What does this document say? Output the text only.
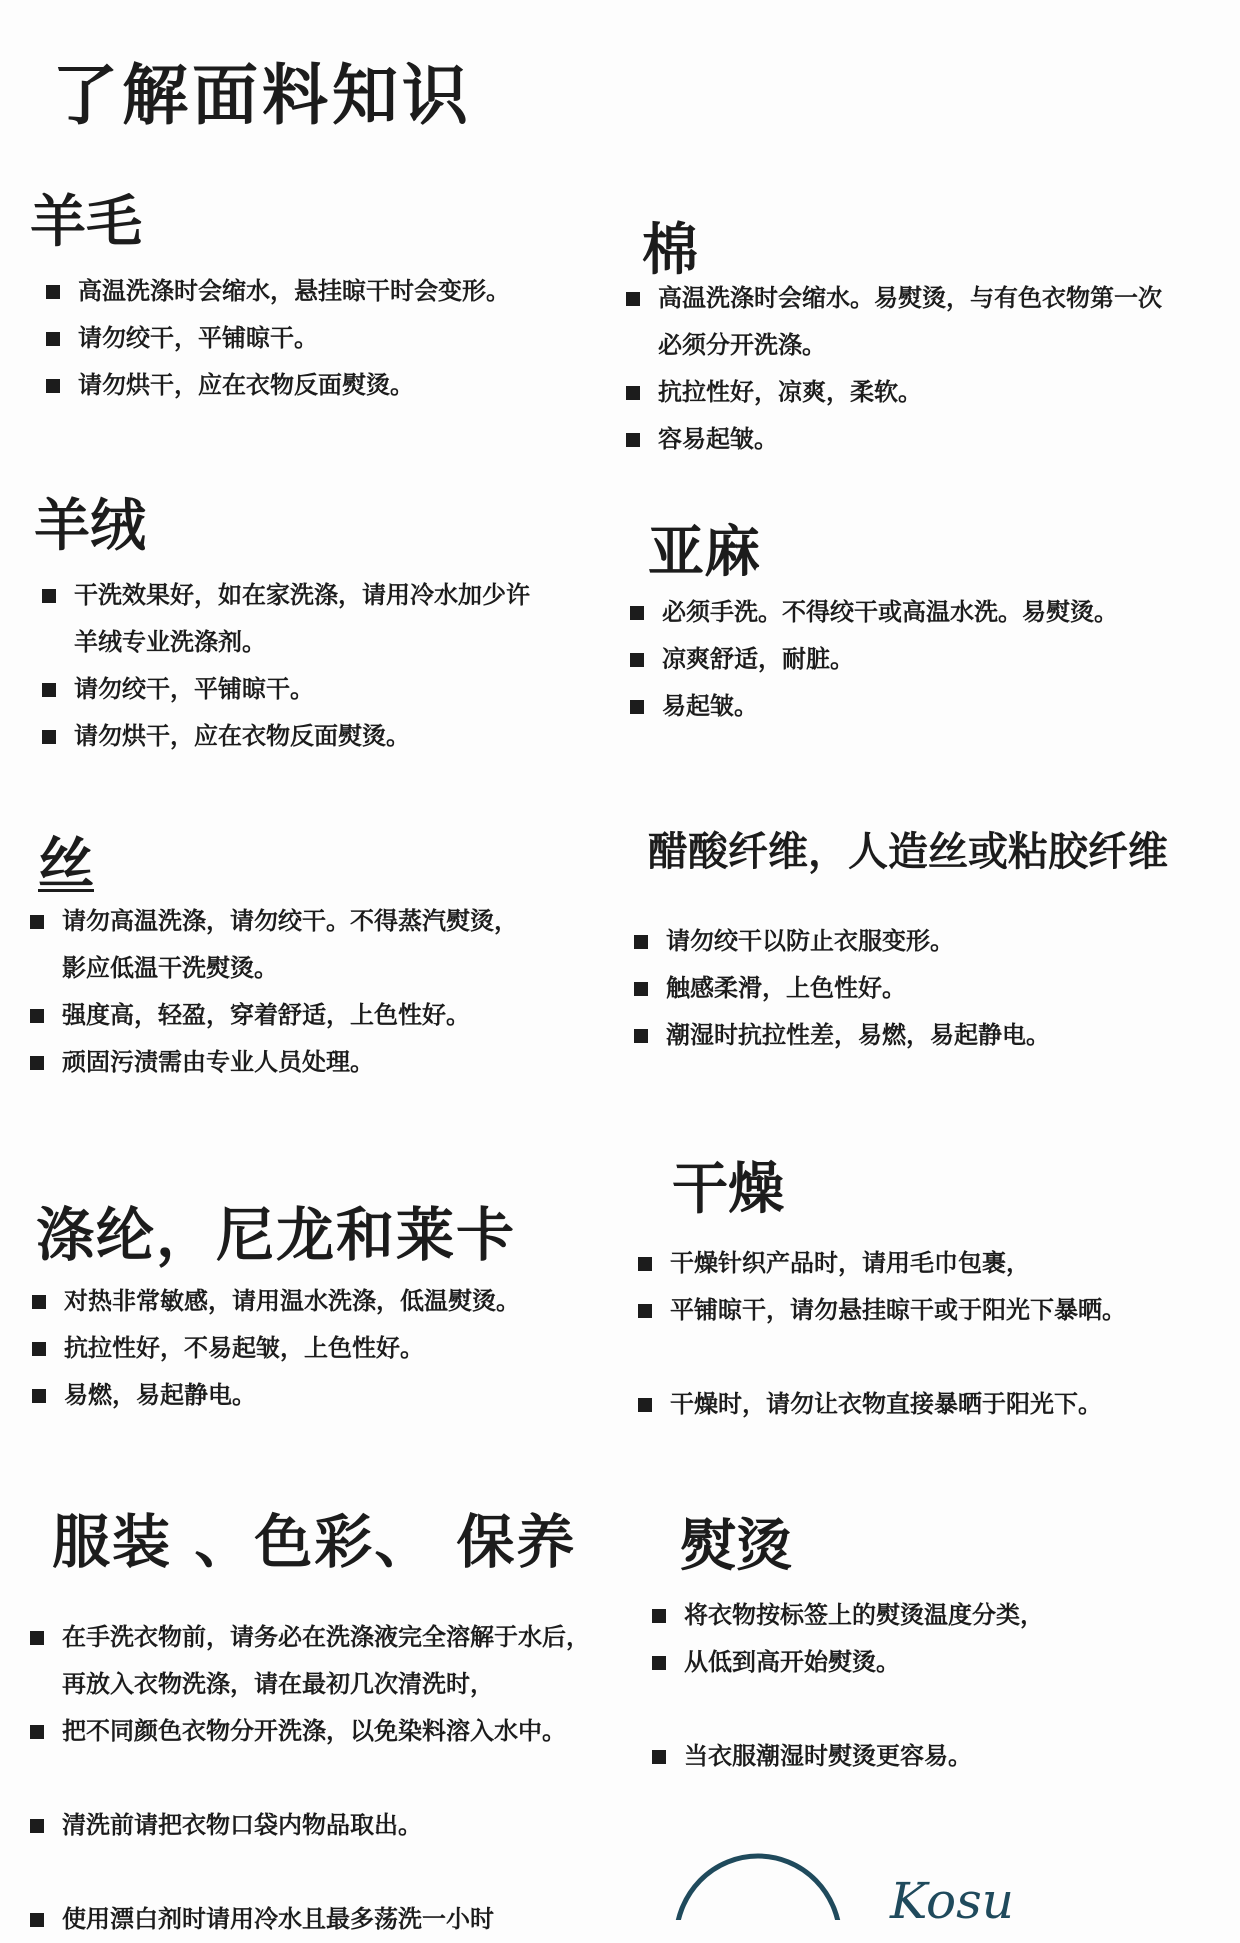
了解面料知识
羊毛
高温洗涤时会缩水，悬挂晾干时会变形。
请勿绞干，平铺晾干。
请勿烘干，应在衣物反面熨烫。
棉
高温洗涤时会缩水。易熨烫，与有色衣物第一次
必须分开洗涤。
抗拉性好，凉爽，柔软。
容易起皱。
羊绒
干洗效果好，如在家洗涤，请用冷水加少许
羊绒专业洗涤剂。
请勿绞干，平铺晾干。
请勿烘干，应在衣物反面熨烫。
亚麻
必须手洗。不得绞干或高温水洗。易熨烫。
凉爽舒适，耐脏。
易起皱。
丝
请勿高温洗涤，请勿绞干。不得蒸汽熨烫，
影应低温干洗熨烫。
强度高，轻盈，穿着舒适，上色性好。
顽固污渍需由专业人员处理。
醋酸纤维，人造丝或粘胶纤维
请勿绞干以防止衣服变形。
触感柔滑，上色性好。
潮湿时抗拉性差，易燃，易起静电。
涤纶，尼龙和莱卡
对热非常敏感，请用温水洗涤，低温熨烫。
抗拉性好，不易起皱，上色性好。
易燃，易起静电。
干燥
干燥针织产品时，请用毛巾包裹，
平铺晾干，请勿悬挂晾干或于阳光下暴晒。
干燥时，请勿让衣物直接暴晒于阳光下。
服装 、色彩、 保养
在手洗衣物前，请务必在洗涤液完全溶解于水后，
再放入衣物洗涤，请在最初几次清洗时，
把不同颜色衣物分开洗涤，以免染料溶入水中。
清洗前请把衣物口袋内物品取出。
使用漂白剂时请用冷水且最多荡洗一小时
熨烫
将衣物按标签上的熨烫温度分类，
从低到高开始熨烫。
当衣服潮湿时熨烫更容易。
Kosu
